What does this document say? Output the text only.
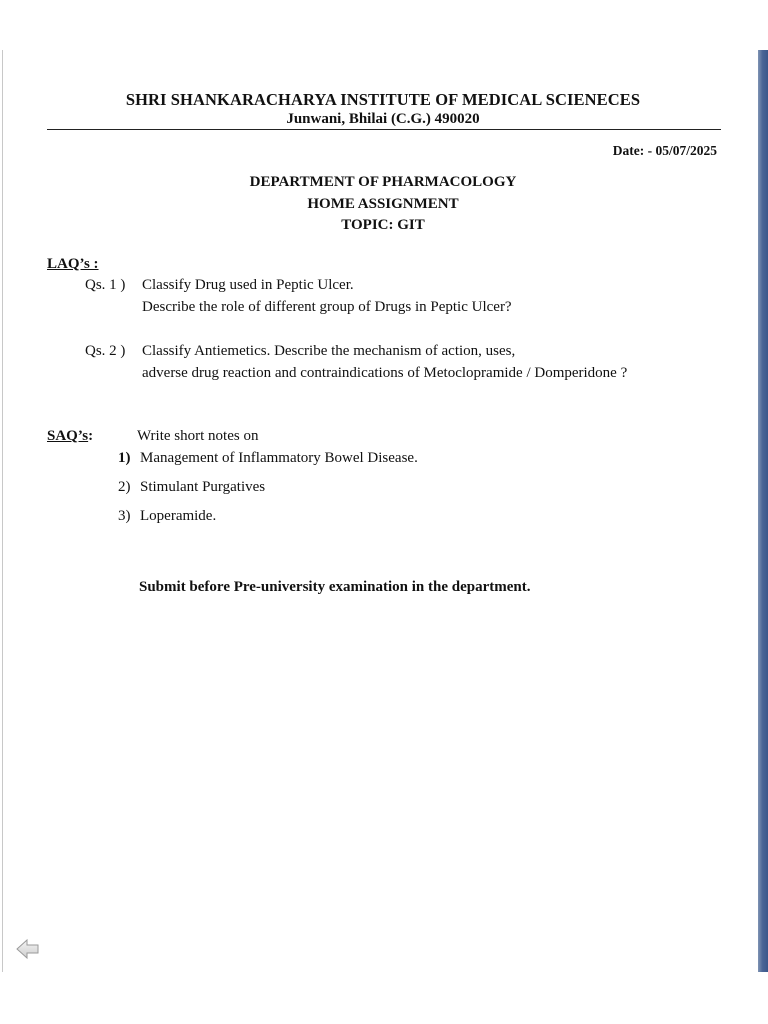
SHRI SHANKARACHARYA INSTITUTE OF MEDICAL SCIENECES
Junwani, Bhilai (C.G.) 490020
Date: - 05/07/2025
DEPARTMENT OF PHARMACOLOGY
HOME ASSIGNMENT
TOPIC: GIT
LAQ’s :
Qs. 1 ) Classify Drug used in Peptic Ulcer.
Describe the role of different group of Drugs in Peptic Ulcer?
Qs. 2 ) Classify Antiemetics. Describe the mechanism of action, uses,
adverse drug reaction and contraindications of Metoclopramide / Domperidone ?
SAQ’s:	Write short notes on
1) Management of Inflammatory Bowel Disease.
2) Stimulant Purgatives
3) Loperamide.
Submit before Pre-university examination in the department.
